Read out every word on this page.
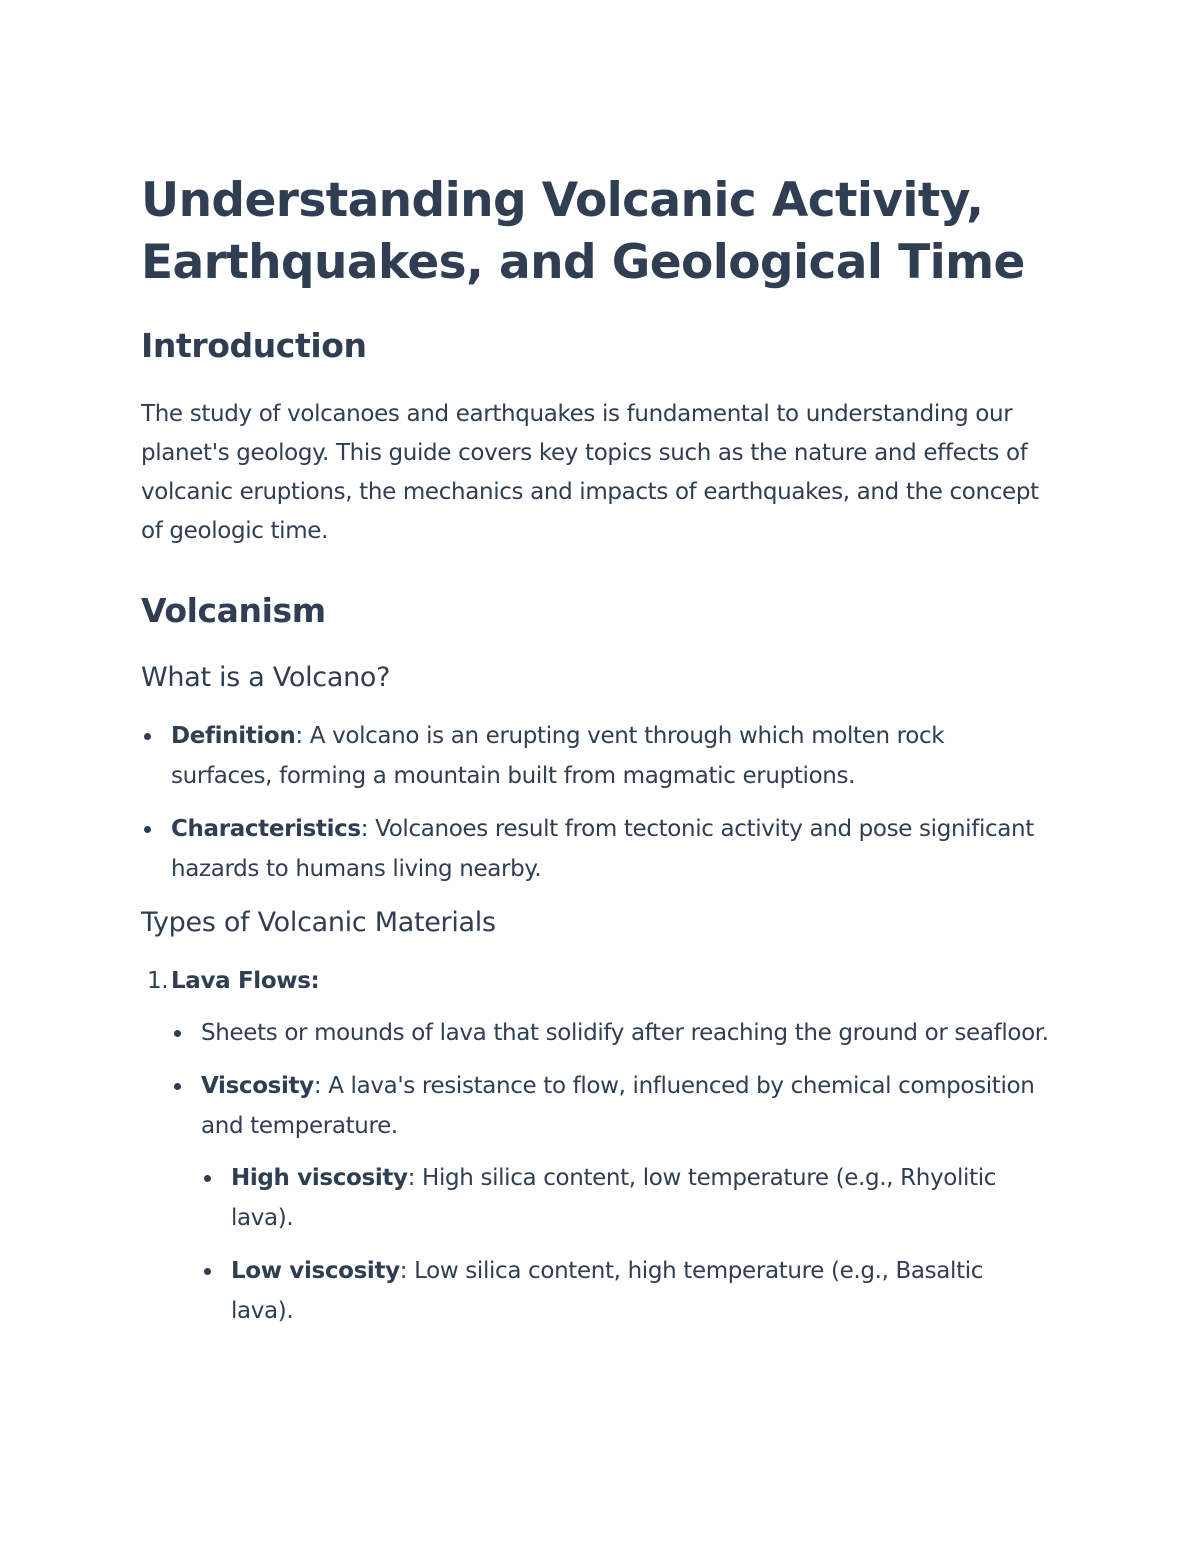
Understanding Volcanic Activity, Earthquakes, and Geological Time
Introduction

The study of volcanoes and earthquakes is fundamental to understanding our planet's geology. This guide covers key topics such as the nature and effects of volcanic eruptions, the mechanics and impacts of earthquakes, and the concept of geologic time.

Volcanism
What is a Volcano?
Definition: A volcano is an erupting vent through which molten rock surfaces, forming a mountain built from magmatic eruptions.
Characteristics: Volcanoes result from tectonic activity and pose significant hazards to humans living nearby.
Types of Volcanic Materials
1. Lava Flows:
Sheets or mounds of lava that solidify after reaching the ground or seafloor.
Viscosity: A lava's resistance to flow, influenced by chemical composition and temperature.
High viscosity: High silica content, low temperature (e.g., Rhyolitic lava).
Low viscosity: Low silica content, high temperature (e.g., Basaltic lava).
